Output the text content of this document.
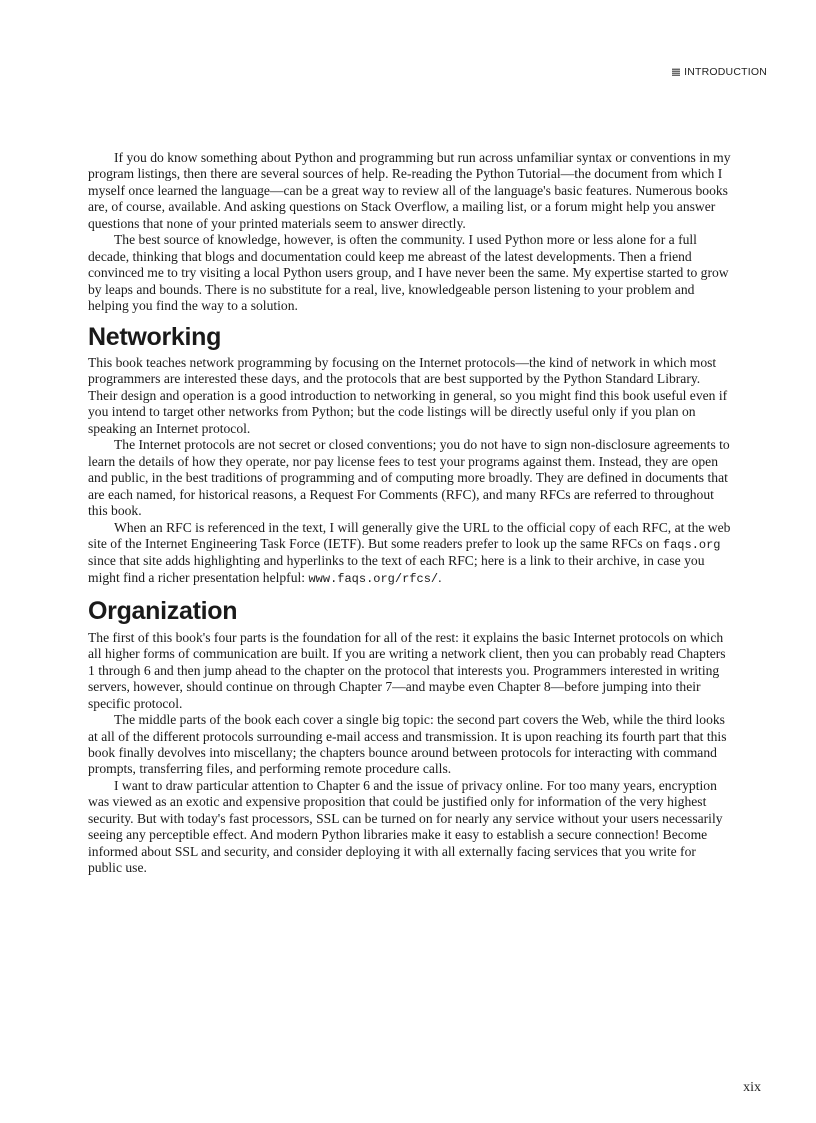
INTRODUCTION

If you do know something about Python and programming but run across unfamiliar syntax or conventions in my program listings, then there are several sources of help. Re-reading the Python Tutorial—the document from which I myself once learned the language—can be a great way to review all of the language's basic features. Numerous books are, of course, available. And asking questions on Stack Overflow, a mailing list, or a forum might help you answer questions that none of your printed materials seem to answer directly.

The best source of knowledge, however, is often the community. I used Python more or less alone for a full decade, thinking that blogs and documentation could keep me abreast of the latest developments. Then a friend convinced me to try visiting a local Python users group, and I have never been the same. My expertise started to grow by leaps and bounds. There is no substitute for a real, live, knowledgeable person listening to your problem and helping you find the way to a solution.

Networking

This book teaches network programming by focusing on the Internet protocols—the kind of network in which most programmers are interested these days, and the protocols that are best supported by the Python Standard Library. Their design and operation is a good introduction to networking in general, so you might find this book useful even if you intend to target other networks from Python; but the code listings will be directly useful only if you plan on speaking an Internet protocol.

The Internet protocols are not secret or closed conventions; you do not have to sign non-disclosure agreements to learn the details of how they operate, nor pay license fees to test your programs against them. Instead, they are open and public, in the best traditions of programming and of computing more broadly. They are defined in documents that are each named, for historical reasons, a Request For Comments (RFC), and many RFCs are referred to throughout this book.

When an RFC is referenced in the text, I will generally give the URL to the official copy of each RFC, at the web site of the Internet Engineering Task Force (IETF). But some readers prefer to look up the same RFCs on faqs.org since that site adds highlighting and hyperlinks to the text of each RFC; here is a link to their archive, in case you might find a richer presentation helpful: www.faqs.org/rfcs/.

Organization

The first of this book's four parts is the foundation for all of the rest: it explains the basic Internet protocols on which all higher forms of communication are built. If you are writing a network client, then you can probably read Chapters 1 through 6 and then jump ahead to the chapter on the protocol that interests you. Programmers interested in writing servers, however, should continue on through Chapter 7—and maybe even Chapter 8—before jumping into their specific protocol.

The middle parts of the book each cover a single big topic: the second part covers the Web, while the third looks at all of the different protocols surrounding e-mail access and transmission. It is upon reaching its fourth part that this book finally devolves into miscellany; the chapters bounce around between protocols for interacting with command prompts, transferring files, and performing remote procedure calls.

I want to draw particular attention to Chapter 6 and the issue of privacy online. For too many years, encryption was viewed as an exotic and expensive proposition that could be justified only for information of the very highest security. But with today's fast processors, SSL can be turned on for nearly any service without your users necessarily seeing any perceptible effect. And modern Python libraries make it easy to establish a secure connection! Become informed about SSL and security, and consider deploying it with all externally facing services that you write for public use.

xix
